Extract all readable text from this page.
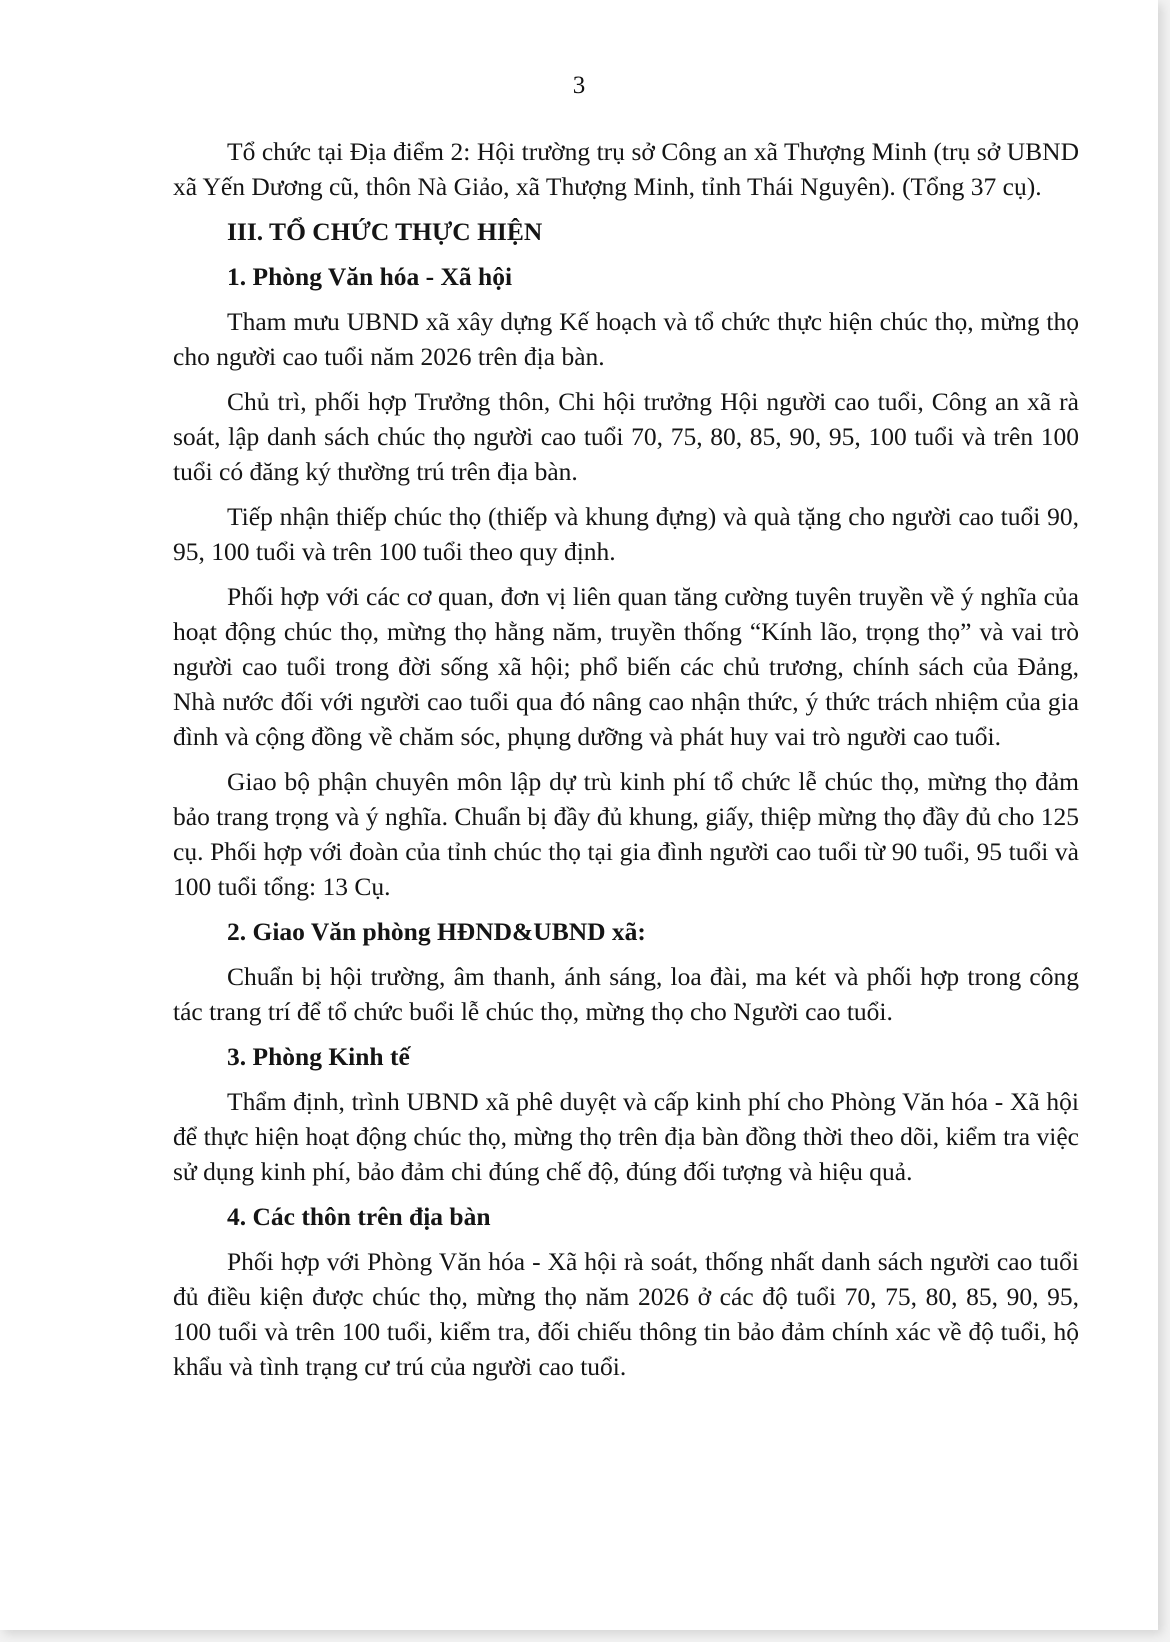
3

Tổ chức tại Địa điểm 2: Hội trường trụ sở Công an xã Thượng Minh (trụ sở UBND xã Yến Dương cũ, thôn Nà Giảo, xã Thượng Minh, tỉnh Thái Nguyên). (Tổng 37 cụ).

III. TỔ CHỨC THỰC HIỆN

1. Phòng Văn hóa - Xã hội

Tham mưu UBND xã xây dựng Kế hoạch và tổ chức thực hiện chúc thọ, mừng thọ cho người cao tuổi năm 2026 trên địa bàn.

Chủ trì, phối hợp Trưởng thôn, Chi hội trưởng Hội người cao tuổi, Công an xã rà soát, lập danh sách chúc thọ người cao tuổi 70, 75, 80, 85, 90, 95, 100 tuổi và trên 100 tuổi có đăng ký thường trú trên địa bàn.

Tiếp nhận thiếp chúc thọ (thiếp và khung đựng) và quà tặng cho người cao tuổi 90, 95, 100 tuổi và trên 100 tuổi theo quy định.

Phối hợp với các cơ quan, đơn vị liên quan tăng cường tuyên truyền về ý nghĩa của hoạt động chúc thọ, mừng thọ hằng năm, truyền thống “Kính lão, trọng thọ” và vai trò người cao tuổi trong đời sống xã hội; phổ biến các chủ trương, chính sách của Đảng, Nhà nước đối với người cao tuổi qua đó nâng cao nhận thức, ý thức trách nhiệm của gia đình và cộng đồng về chăm sóc, phụng dưỡng và phát huy vai trò người cao tuổi.

Giao bộ phận chuyên môn lập dự trù kinh phí tổ chức lễ chúc thọ, mừng thọ đảm bảo trang trọng và ý nghĩa. Chuẩn bị đầy đủ khung, giấy, thiệp mừng thọ đầy đủ cho 125 cụ. Phối hợp với đoàn của tỉnh chúc thọ tại gia đình người cao tuổi từ 90 tuổi, 95 tuổi và 100 tuổi tổng: 13 Cụ.

2. Giao Văn phòng HĐND&UBND xã:

Chuẩn bị hội trường, âm thanh, ánh sáng, loa đài, ma két và phối hợp trong công tác trang trí để tổ chức buổi lễ chúc thọ, mừng thọ cho Người cao tuổi.

3. Phòng Kinh tế

Thẩm định, trình UBND xã phê duyệt và cấp kinh phí cho Phòng Văn hóa - Xã hội để thực hiện hoạt động chúc thọ, mừng thọ trên địa bàn đồng thời theo dõi, kiểm tra việc sử dụng kinh phí, bảo đảm chi đúng chế độ, đúng đối tượng và hiệu quả.

4. Các thôn trên địa bàn

Phối hợp với Phòng Văn hóa - Xã hội rà soát, thống nhất danh sách người cao tuổi đủ điều kiện được chúc thọ, mừng thọ năm 2026 ở các độ tuổi 70, 75, 80, 85, 90, 95, 100 tuổi và trên 100 tuổi, kiểm tra, đối chiếu thông tin bảo đảm chính xác về độ tuổi, hộ khẩu và tình trạng cư trú của người cao tuổi.
